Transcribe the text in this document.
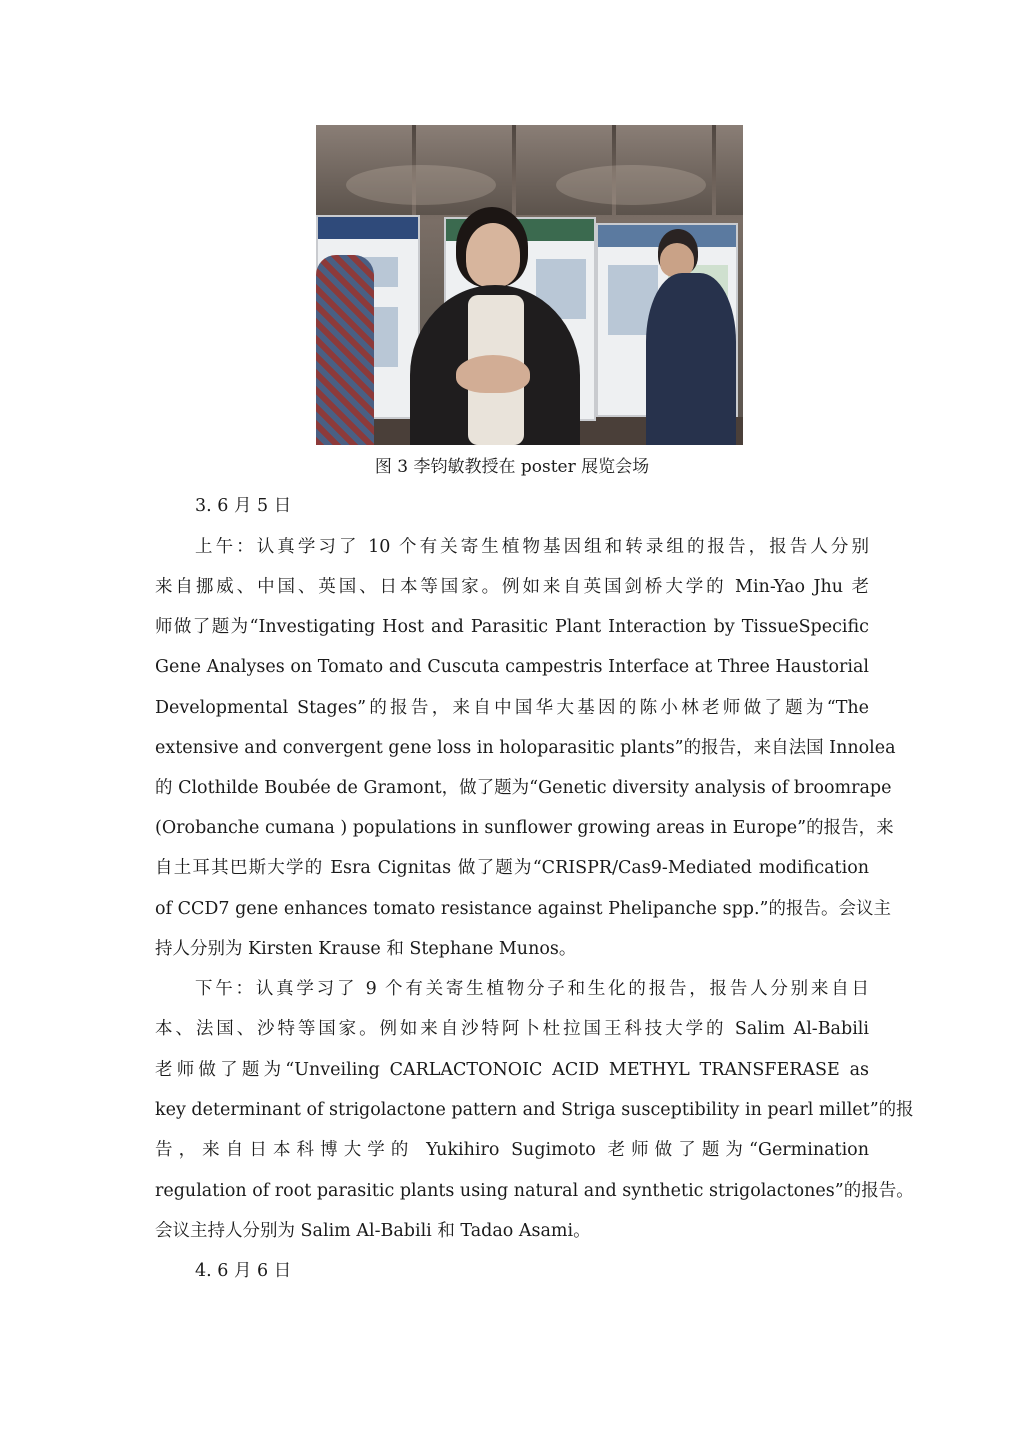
图 3 李钧敏教授在 poster 展览会场
3. 6 月 5 日
上午：认真学习了 10 个有关寄生植物基因组和转录组的报告，报告人分别
来自挪威、中国、英国、日本等国家。例如来自英国剑桥大学的 Min-Yao Jhu 老
师做了题为“Investigating Host and Parasitic Plant Interaction by TissueSpecific
Gene Analyses on Tomato and Cuscuta campestris Interface at Three Haustorial
Developmental Stages”的报告，来自中国华大基因的陈小林老师做了题为“The
extensive and convergent gene loss in holoparasitic plants”的报告，来自法国 Innolea
的 Clothilde Boubée de Gramont，做了题为“Genetic diversity analysis of broomrape
(Orobanche cumana ) populations in sunflower growing areas in Europe”的报告，来
自土耳其巴斯大学的 Esra Cignitas 做了题为“CRISPR/Cas9-Mediated modification
of CCD7 gene enhances tomato resistance against Phelipanche spp.”的报告。会议主
持人分别为 Kirsten Krause 和 Stephane Munos。
下午：认真学习了 9 个有关寄生植物分子和生化的报告，报告人分别来自日
本、法国、沙特等国家。例如来自沙特阿卜杜拉国王科技大学的 Salim Al-Babili
老师做了题为“Unveiling CARLACTONOIC ACID METHYL TRANSFERASE as
key determinant of strigolactone pattern and Striga susceptibility in pearl millet”的报
告，来自日本科博大学的 Yukihiro Sugimoto 老师做了题为“Germination
regulation of root parasitic plants using natural and synthetic strigolactones”的报告。
会议主持人分别为 Salim Al-Babili 和 Tadao Asami。
4. 6 月 6 日
